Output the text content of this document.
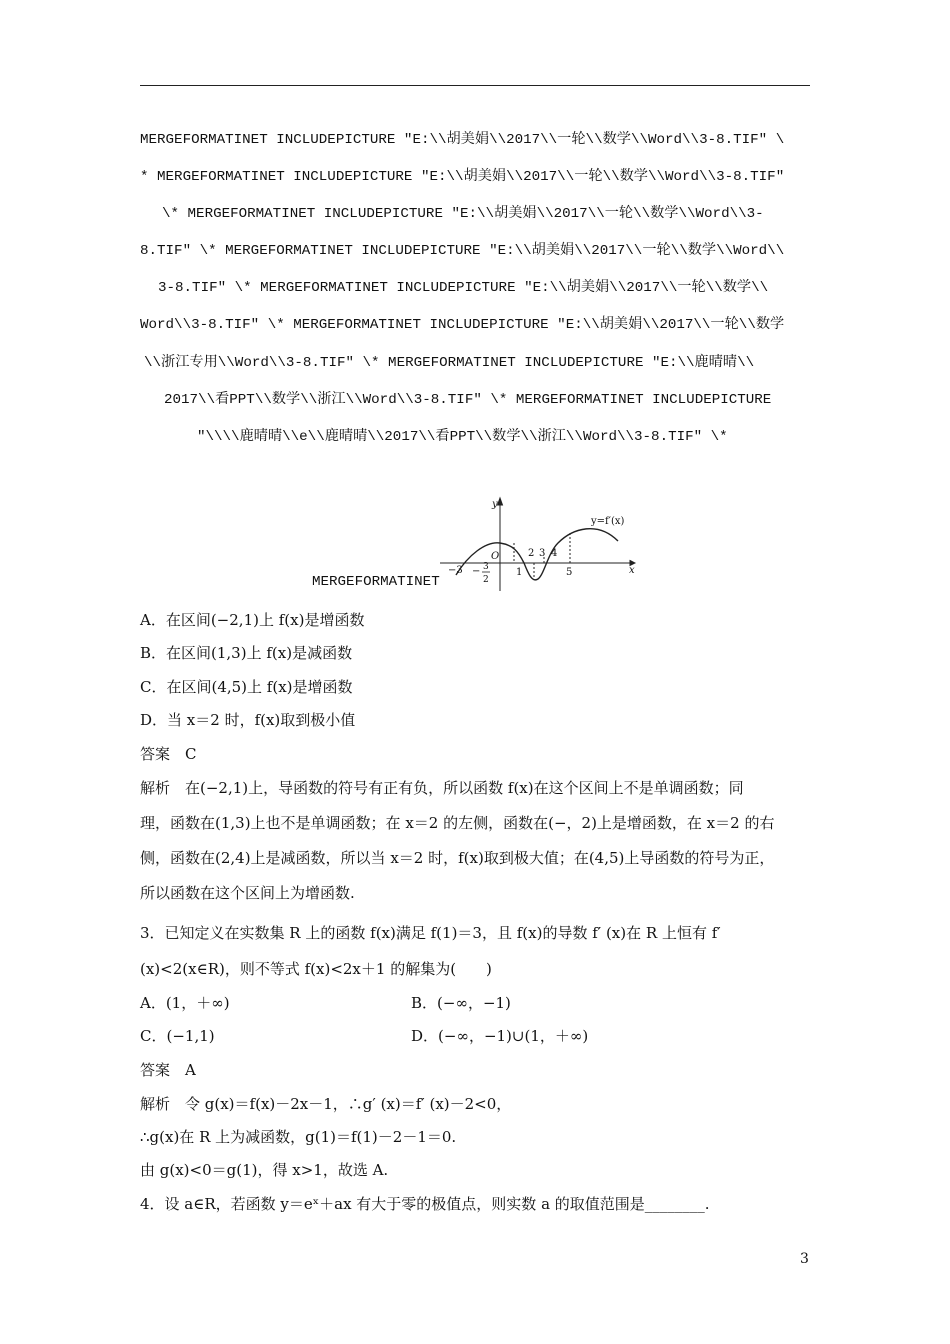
MERGEFORMATINET INCLUDEPICTURE "E:\\胡美娟\\2017\\一轮\\数学\\Word\\3-8.TIF" \
* MERGEFORMATINET INCLUDEPICTURE "E:\\胡美娟\\2017\\一轮\\数学\\Word\\3-8.TIF"
\* MERGEFORMATINET INCLUDEPICTURE "E:\\胡美娟\\2017\\一轮\\数学\\Word\\3-
8.TIF" \* MERGEFORMATINET INCLUDEPICTURE "E:\\胡美娟\\2017\\一轮\\数学\\Word\\
3-8.TIF" \* MERGEFORMATINET INCLUDEPICTURE "E:\\胡美娟\\2017\\一轮\\数学\\
Word\\3-8.TIF" \* MERGEFORMATINET INCLUDEPICTURE "E:\\胡美娟\\2017\\一轮\\数学
\\浙江专用\\Word\\3-8.TIF" \* MERGEFORMATINET INCLUDEPICTURE "E:\\鹿晴晴\\
2017\\看PPT\\数学\\浙江\\Word\\3-8.TIF" \* MERGEFORMATINET INCLUDEPICTURE
"\\\\鹿晴晴\\e\\鹿晴晴\\2017\\看PPT\\数学\\浙江\\Word\\3-8.TIF" \*
MERGEFORMATINET
y
x
O
y=f′(x)
−3 − 3
2
1
2 3 4
5
A．在区间(−2,1)上 f(x)是增函数
B．在区间(1,3)上 f(x)是减函数
C．在区间(4,5)上 f(x)是增函数
D．当 x＝2 时，f(x)取到极小值
答案　C
解析　在(−2,1)上，导函数的符号有正有负，所以函数 f(x)在这个区间上不是单调函数；同
理，函数在(1,3)上也不是单调函数；在 x＝2 的左侧，函数在(−，2)上是增函数，在 x＝2 的右
侧，函数在(2,4)上是减函数，所以当 x＝2 时，f(x)取到极大值；在(4,5)上导函数的符号为正，
所以函数在这个区间上为增函数.
3．已知定义在实数集 R 上的函数 f(x)满足 f(1)＝3，且 f(x)的导数 f′ (x)在 R 上恒有 f′
(x)<2(x∈R)，则不等式 f(x)<2x＋1 的解集为(　　)
A．(1，＋∞)	B．(−∞，−1)
C．(−1,1)	D．(−∞，−1)∪(1，＋∞)
答案　A
解析　令 g(x)＝f(x)－2x－1，∴g′ (x)＝f′ (x)－2<0，
∴g(x)在 R 上为减函数，g(1)＝f(1)－2－1＝0.
由 g(x)<0＝g(1)，得 x>1，故选 A.
4．设 a∈R，若函数 y＝eˣ＋ax 有大于零的极值点，则实数 a 的取值范围是________.
3
